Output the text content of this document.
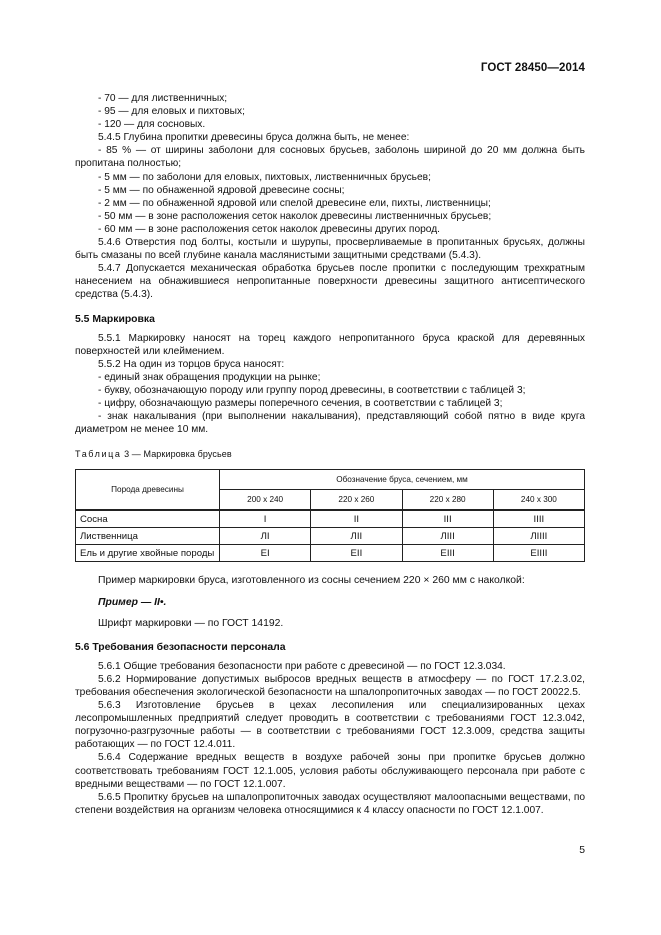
ГОСТ 28450—2014

- 70 — для лиственничных;

- 95 — для еловых и пихтовых;

- 120 — для сосновых.

5.4.5 Глубина пропитки древесины бруса должна быть, не менее:

- 85 % — от ширины заболони для сосновых брусьев, заболонь шириной до 20 мм должна быть пропитана полностью;

- 5 мм — по заболони для еловых, пихтовых, лиственничных брусьев;

- 5 мм — по обнаженной ядровой древесине сосны;

- 2 мм — по обнаженной ядровой или спелой древесине ели, пихты, лиственницы;

- 50 мм — в зоне расположения сеток наколок древесины лиственничных брусьев;

- 60 мм — в зоне расположения сеток наколок древесины других пород.

5.4.6 Отверстия под болты, костыли и шурупы, просверливаемые в пропитанных брусьях, должны быть смазаны по всей глубине канала маслянистыми защитными средствами (5.4.3).

5.4.7 Допускается механическая обработка брусьев после пропитки с последующим трехкратным нанесением на обнажившиеся непропитанные поверхности древесины защитного антисептического средства (5.4.3).

5.5 Маркировка

5.5.1 Маркировку наносят на торец каждого непропитанного бруса краской для деревянных поверхностей или клеймением.

5.5.2 На один из торцов бруса наносят:

- единый знак обращения продукции на рынке;

- букву, обозначающую породу или группу пород древесины, в соответствии с таблицей 3;

- цифру, обозначающую размеры поперечного сечения, в соответствии с таблицей 3;

- знак накалывания (при выполнении накалывания), представляющий собой пятно в виде круга диаметром не менее 10 мм.

Таблица 3 — Маркировка брусьев

Порода древесины	Обозначение бруса, сечением, мм			
	200 x 240	220 x 260	220 x 280	240 x 300
Сосна	I	II	III	IIII
Лиственница	ЛI	ЛII	ЛIII	ЛIIII
Ель и другие хвойные породы	EI	EII	EIII	EIIII

Пример маркировки бруса, изготовленного из сосны сечением 220 × 260 мм с наколкой:

Пример — II•.

Шрифт маркировки — по ГОСТ 14192.

5.6 Требования безопасности персонала

5.6.1 Общие требования безопасности при работе с древесиной — по ГОСТ 12.3.034.

5.6.2 Нормирование допустимых выбросов вредных веществ в атмосферу — по ГОСТ 17.2.3.02, требования обеспечения экологической безопасности на шпалопропиточных заводах — по ГОСТ 20022.5.

5.6.3 Изготовление брусьев в цехах лесопиления или специализированных цехах лесопромышленных предприятий следует проводить в соответствии с требованиями ГОСТ 12.3.042, погрузочно-разгрузочные работы — в соответствии с требованиями ГОСТ 12.3.009, средства защиты работающих — по ГОСТ 12.4.011.

5.6.4 Содержание вредных веществ в воздухе рабочей зоны при пропитке брусьев должно соответствовать требованиям ГОСТ 12.1.005, условия работы обслуживающего персонала при работе с вредными веществами — по ГОСТ 12.1.007.

5.6.5 Пропитку брусьев на шпалопропиточных заводах осуществляют малоопасными веществами, по степени воздействия на организм человека относящимися к 4 классу опасности по ГОСТ 12.1.007.

5
